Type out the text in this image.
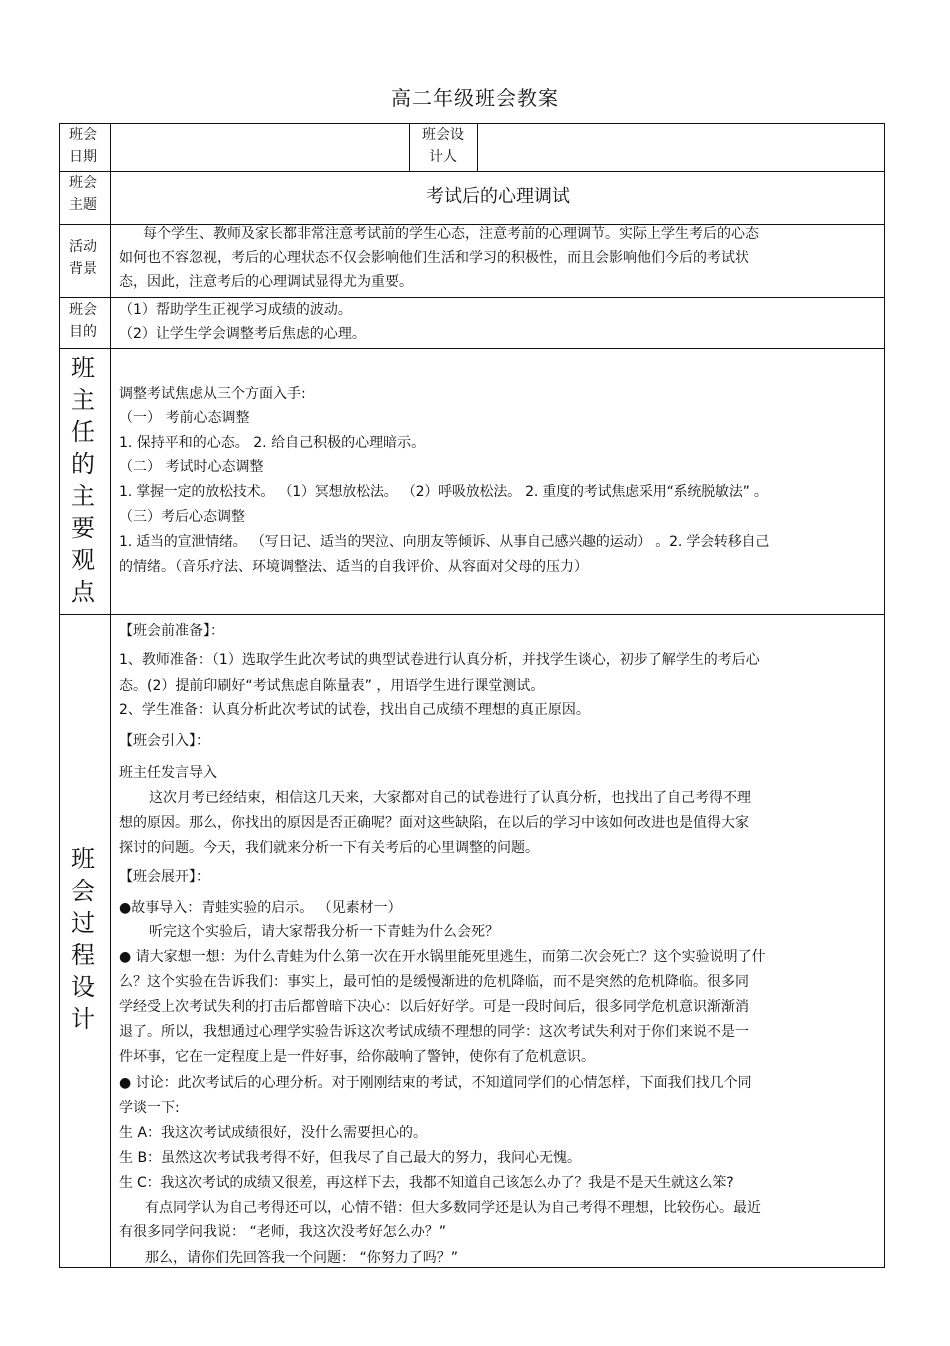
高二年级班会教案
班会
日期
班会设
计人
班会
主题	考试后的心理调试
活动
背景
每个学生、教师及家长都非常注意考试前的学生心态，注意考前的心理调节。实际上学生考后的心态
如何也不容忽视，考后的心理状态不仅会影响他们生活和学习的积极性，而且会影响他们今后的考试状
态，因此，注意考后的心理调试显得尤为重要。
班会
目的
（1）帮助学生正视学习成绩的波动。
（2）让学生学会调整考后焦虑的心理。
班
主
任
的
主
要
观
点
调整考试焦虑从三个方面入手:
（一） 考前心态调整
1. 保持平和的心态。 2. 给自己积极的心理暗示。
（二） 考试时心态调整
1. 掌握一定的放松技术。 （1）冥想放松法。 （2）呼吸放松法。 2. 重度的考试焦虑采用“系统脱敏法” 。
（三）考后心态调整
1. 适当的宣泄情绪。 （写日记、适当的哭泣、向朋友等倾诉、从事自己感兴趣的运动） 。2. 学会转移自己
的情绪。（音乐疗法、环境调整法、适当的自我评价、从容面对父母的压力）
班
会
过
程
设
计
【班会前准备】：
1、教师准备：（1）选取学生此次考试的典型试卷进行认真分析，并找学生谈心，初步了解学生的考后心
态。(2）提前印刷好“考试焦虑自陈量表” ，用语学生进行课堂测试。
2、学生准备：认真分析此次考试的试卷，找出自己成绩不理想的真正原因。
【班会引入】：
班主任发言导入
这次月考已经结束，相信这几天来，大家都对自己的试卷进行了认真分析，也找出了自己考得不理
想的原因。那么，你找出的原因是否正确呢？面对这些缺陷，在以后的学习中该如何改进也是值得大家
探讨的问题。今天，我们就来分析一下有关考后的心里调整的问题。
【班会展开】：
●故事导入：青蛙实验的启示。 （见素材一）
听完这个实验后，请大家帮我分析一下青蛙为什么会死？
● 请大家想一想：为什么青蛙为什么第一次在开水锅里能死里逃生，而第二次会死亡？这个实验说明了什
么？这个实验在告诉我们：事实上，最可怕的是缓慢渐进的危机降临，而不是突然的危机降临。很多同
学经受上次考试失利的打击后都曾暗下决心：以后好好学。可是一段时间后，很多同学危机意识渐渐消
退了。所以，我想通过心理学实验告诉这次考试成绩不理想的同学：这次考试失利对于你们来说不是一
件坏事，它在一定程度上是一件好事，给你敲响了警钟，使你有了危机意识。
● 讨论：此次考试后的心理分析。对于刚刚结束的考试，不知道同学们的心情怎样，下面我们找几个同
学谈一下:
生 A：我这次考试成绩很好，没什么需要担心的。
生 B：虽然这次考试我考得不好，但我尽了自己最大的努力，我问心无愧。
生 C：我这次考试的成绩又很差，再这样下去，我都不知道自己该怎么办了？我是不是天生就这么笨?
有点同学认为自己考得还可以，心情不错：但大多数同学还是认为自己考得不理想，比较伤心。最近
有很多同学问我说： “老师，我这次没考好怎么办？”
那么，请你们先回答我一个问题： “你努力了吗？”
